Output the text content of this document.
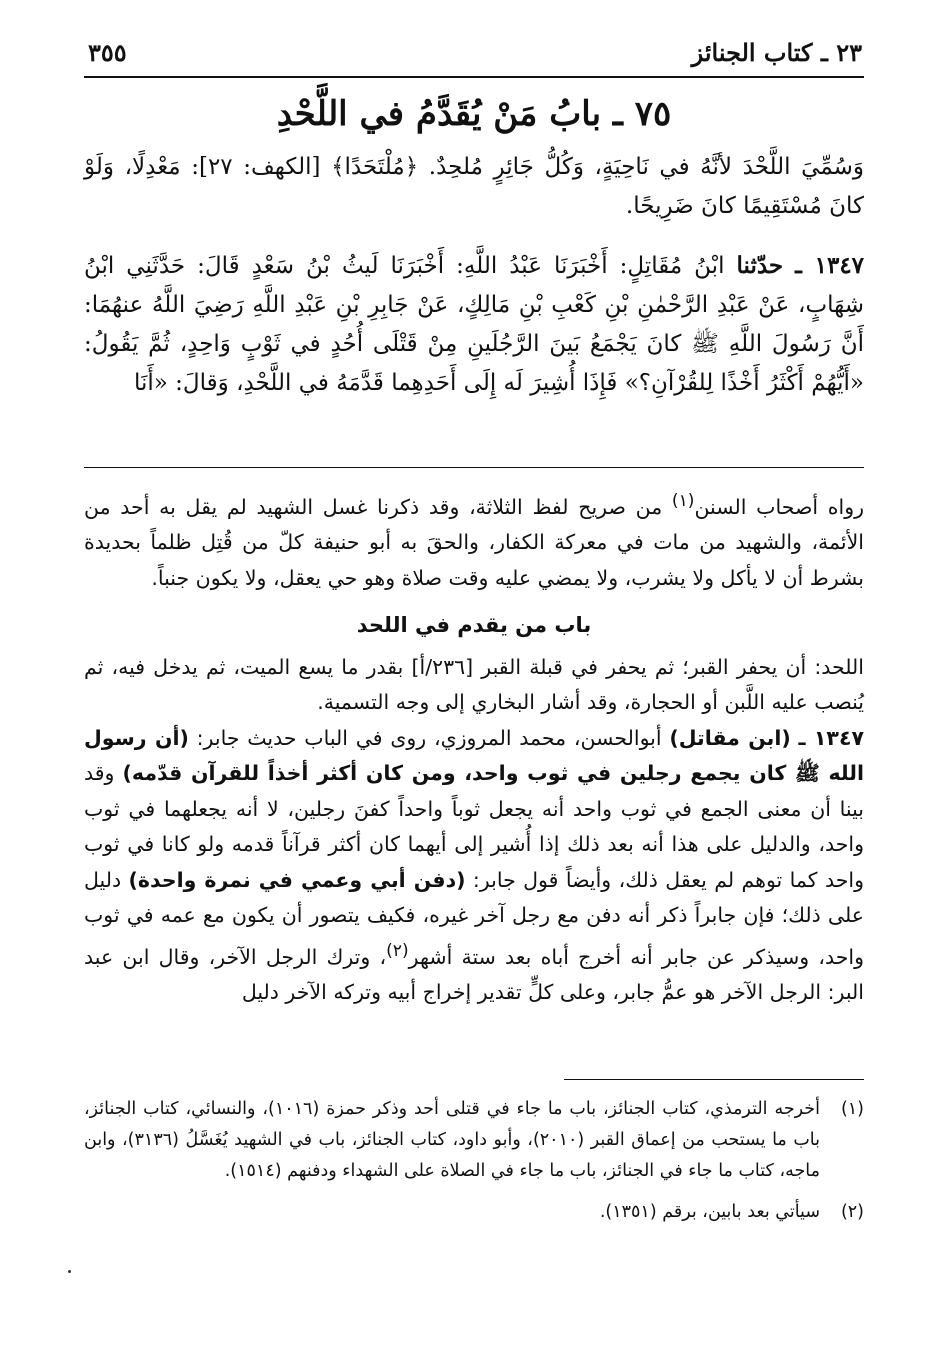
٢٣ ـ كتاب الجنائز
٣٥٥
٧٥ ـ بابُ مَنْ يُقَدَّمُ في اللَّحْدِ

وَسُمِّيَ اللَّحْدَ لأنَّهُ في نَاحِيَةٍ، وَكُلُّ جَائِرٍ مُلحِدٌ. ﴿مُلْتَحَدًا﴾ [الكهف: ٢٧]: مَعْدِلًا، وَلَوْ كانَ مُسْتَقِيمًا كانَ ضَرِيحًا.

١٣٤٧ ـ حدّثنا ابْنُ مُقَاتِلٍ: أَخْبَرَنَا عَبْدُ اللَّهِ: أَخْبَرَنَا لَيثُ بْنُ سَعْدٍ قَالَ: حَدَّثَنِي ابْنُ شِهَابٍ، عَنْ عَبْدِ الرَّحْمٰنِ بْنِ كَعْبِ بْنِ مَالِكٍ، عَنْ جَابِرِ بْنِ عَبْدِ اللَّهِ رَضِيَ اللَّهُ عنهُمَا: أَنَّ رَسُولَ اللَّهِ ﷺ كانَ يَجْمَعُ بَينَ الرَّجُلَينِ مِنْ قَتْلَى أُحُدٍ في ثَوْبٍ وَاحِدٍ، ثُمَّ يَقُولُ: «أَيُّهُمْ أَكْثَرُ أَخْذًا لِلقُرْآنِ؟» فَإِذَا أُشِيرَ لَه إِلَى أَحَدِهِما قَدَّمَهُ في اللَّحْدِ، وَقالَ: «أَنَا

رواه أصحاب السنن$^{(١)}$ من صريح لفظ الثلاثة، وقد ذكرنا غسل الشهيد لم يقل به أحد من الأئمة، والشهيد من مات في معركة الكفار، والحقَ به أبو حنيفة كلّ من قُتِل ظلماً بحديدة بشرط أن لا يأكل ولا يشرب، ولا يمضي عليه وقت صلاة وهو حي يعقل، ولا يكون جنباً.

باب من يقدم في اللحد

اللحد: أن يحفر القبر؛ ثم يحفر في قبلة القبر [٢٣٦/أ] بقدر ما يسع الميت، ثم يدخل فيه، ثم يُنصب عليه اللَّبن أو الحجارة، وقد أشار البخاري إلى وجه التسمية.

١٣٤٧ ـ (ابن مقاتل) أبوالحسن، محمد المروزي، روى في الباب حديث جابر: (أن رسول الله ﷺ كان يجمع رجلين في ثوب واحد، ومن كان أكثر أخذاً للقرآن قدّمه) وقد بينا أن معنى الجمع في ثوب واحد أنه يجعل ثوباً واحداً كفنَ رجلين، لا أنه يجعلهما في ثوب واحد، والدليل على هذا أنه بعد ذلك إذا أُشير إلى أيهما كان أكثر قرآناً قدمه ولو كانا في ثوب واحد كما توهم لم يعقل ذلك، وأيضاً قول جابر: (دفن أبي وعمي في نمرة واحدة) دليل على ذلك؛ فإن جابراً ذكر أنه دفن مع رجل آخر غيره، فكيف يتصور أن يكون مع عمه في ثوب واحد، وسيذكر عن جابر أنه أخرج أباه بعد ستة أشهر$^{(٢)}$، وترك الرجل الآخر، وقال ابن عبد البر: الرجل الآخر هو عمُّ جابر، وعلى كلٍّ تقدير إخراج أبيه وتركه الآخر دليل

(١)
أخرجه الترمذي، كتاب الجنائز، باب ما جاء في قتلى أحد وذكر حمزة (١٠١٦)، والنسائي، كتاب الجنائز، باب ما يستحب من إعماق القبر (٢٠١٠)، وأبو داود، كتاب الجنائز، باب في الشهيد يُغَسَّلُ (٣١٣٦)، وابن ماجه، كتاب ما جاء في الجنائز، باب ما جاء في الصلاة على الشهداء ودفنهم (١٥١٤).
(٢)
سيأتي بعد بابين، برقم (١٣٥١).
